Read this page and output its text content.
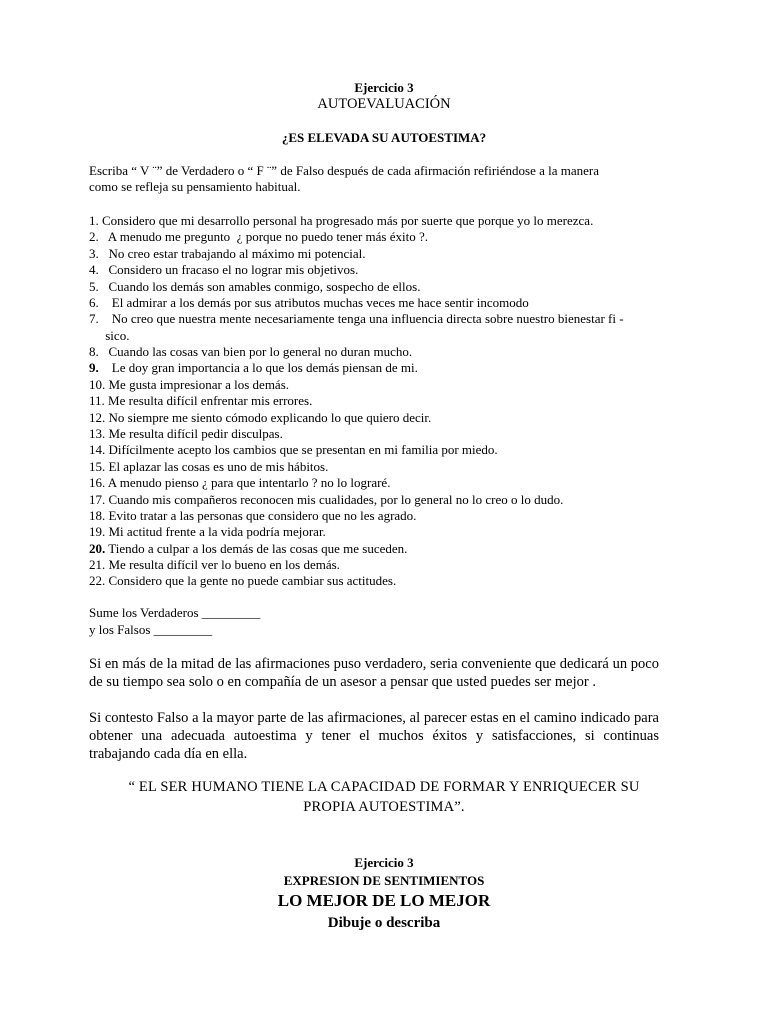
Ejercicio 3
AUTOEVALUACIÓN
¿ES ELEVADA SU AUTOESTIMA?
Escriba “ V ¨” de Verdadero o “ F ¨” de Falso después de cada afirmación refiriéndose a la manera
como se refleja su pensamiento habitual.
1. Considero que mi desarrollo personal ha progresado más por suerte que porque yo lo merezca.
2.   A menudo me pregunto  ¿ porque no puedo tener más éxito ?.
3.   No creo estar trabajando al máximo mi potencial.
4.   Considero un fracaso el no lograr mis objetivos.
5.   Cuando los demás son amables conmigo, sospecho de ellos.
6.    El admirar a los demás por sus atributos muchas veces me hace sentir incomodo
7.    No creo que nuestra mente necesariamente tenga una influencia directa sobre nuestro bienestar fi -
sico.
8.   Cuando las cosas van bien por lo general no duran mucho.
9.    Le doy gran importancia a lo que los demás piensan de mi.
10. Me gusta impresionar a los demás.
11. Me resulta difícil enfrentar mis errores.
12. No siempre me siento cómodo explicando lo que quiero decir.
13. Me resulta difícil pedir disculpas.
14. Difícilmente acepto los cambios que se presentan en mi familia por miedo.
15. El aplazar las cosas es uno de mis hábitos.
16. A menudo pienso ¿ para que intentarlo ? no lo lograré.
17. Cuando mis compañeros reconocen mis cualidades, por lo general no lo creo o lo dudo.
18. Evito tratar a las personas que considero que no les agrado.
19. Mi actitud frente a la vida podría mejorar.
20. Tiendo a culpar a los demás de las cosas que me suceden.
21. Me resulta difícil ver lo bueno en los demás.
22. Considero que la gente no puede cambiar sus actitudes.
Sume los Verdaderos _________
y los Falsos _________
Si en más de la mitad de las afirmaciones puso verdadero, seria conveniente que dedicará un poco de su tiempo sea solo o en compañía de un asesor a pensar que usted puedes ser mejor .
Si contesto Falso a la mayor parte de las afirmaciones, al parecer estas en el camino indicado para obtener una adecuada autoestima y tener el muchos éxitos y satisfacciones, si continuas trabajando cada día en ella.
“ EL SER HUMANO TIENE LA CAPACIDAD DE FORMAR Y ENRIQUECER SU
PROPIA AUTOESTIMA”.
Ejercicio 3
EXPRESION DE SENTIMIENTOS
LO MEJOR DE LO MEJOR
Dibuje o describa
